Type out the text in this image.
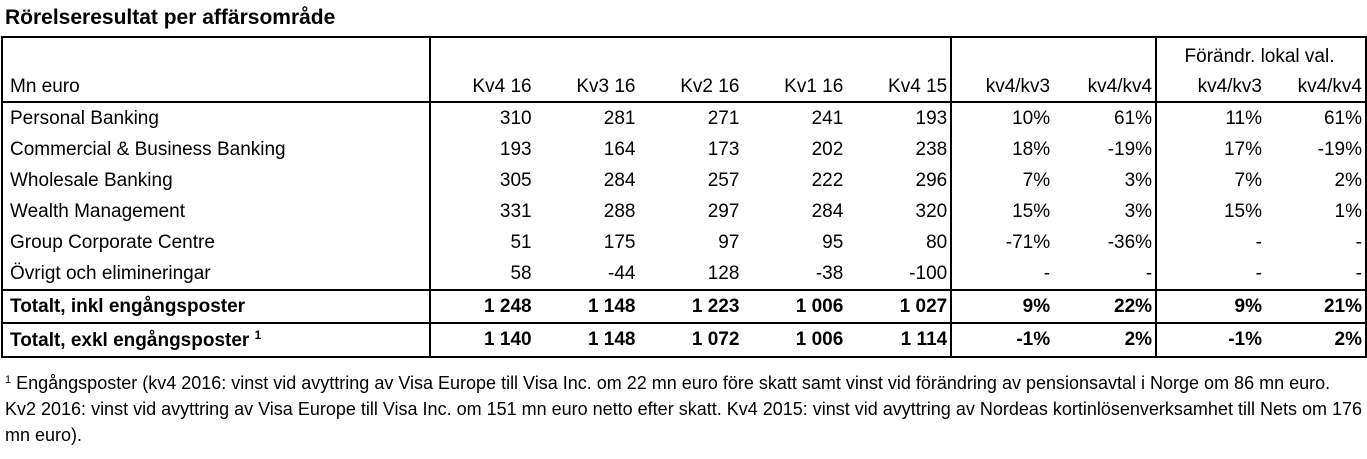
Rörelseresultat per affärsområde
								Förändr. lokal val.	
Mn euro	Kv4 16	Kv3 16	Kv2 16	Kv1 16	Kv4 15	kv4/kv3	kv4/kv4	kv4/kv3	kv4/kv4
Personal Banking	310	281	271	241	193	10%	61%	11%	61%
Commercial & Business Banking	193	164	173	202	238	18%	-19%	17%	-19%
Wholesale Banking	305	284	257	222	296	7%	3%	7%	2%
Wealth Management	331	288	297	284	320	15%	3%	15%	1%
Group Corporate Centre	51	175	97	95	80	-71%	-36%	-	-
Övrigt och elimineringar	58	-44	128	-38	-100	-	-	-	-
Totalt, inkl engångsposter	1 248	1 148	1 223	1 006	1 027	9%	22%	9%	21%
Totalt, exkl engångsposter $^1$	1 140	1 148	1 072	1 006	1 114	-1%	2%	-1%	2%
$^1$ Engångsposter (kv4 2016: vinst vid avyttring av Visa Europe till Visa Inc. om 22 mn euro före skatt samt vinst vid förändring av pensionsavtal i Norge om 86 mn euro. Kv2 2016: vinst vid avyttring av Visa Europe till Visa Inc. om 151 mn euro netto efter skatt. Kv4 2015: vinst vid avyttring av Nordeas kortinlösenverksamhet till Nets om 176 mn euro).
